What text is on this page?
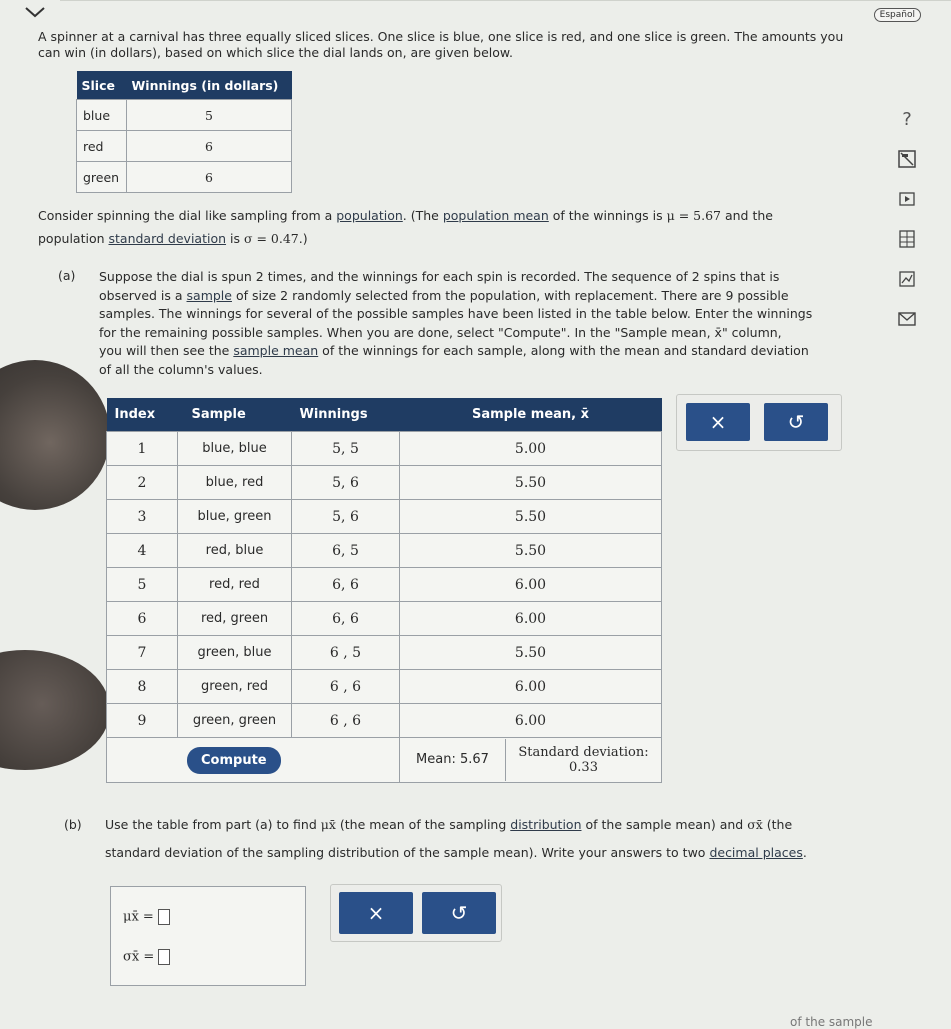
Español
A spinner at a carnival has three equally sliced slices. One slice is blue, one slice is red, and one slice is green. The amounts you can win (in dollars), based on which slice the dial lands on, are given below.
Slice	Winnings (in dollars)
blue	5
red	6
green	6
?
Consider spinning the dial like sampling from a population. (The population mean of the winnings is μ = 5.67 and the
population standard deviation is σ = 0.47.)
(a) Suppose the dial is spun 2 times, and the winnings for each spin is recorded. The sequence of 2 spins that is
observed is a sample of size 2 randomly selected from the population, with replacement. There are 9 possible
samples. The winnings for several of the possible samples have been listed in the table below. Enter the winnings
for the remaining possible samples. When you are done, select "Compute". In the "Sample mean, x̄" column,
you will then see the sample mean of the winnings for each sample, along with the mean and standard deviation
of all the column's values.
Index	Sample	Winnings	Sample mean, x̄
1	blue, blue	5, 5	5.00
2	blue, red	5, 6	5.50
3	blue, green	5, 6	5.50
4	red, blue	6, 5	5.50
5	red, red	6, 6	6.00
6	red, green	6, 6	6.00
7	green, blue	6 , 5	5.50
8	green, red	6 , 6	6.00
9	green, green	6 , 6	6.00
Compute			Mean: 5.67 Standard deviation: 0.33
×	↺
(b) Use the table from part (a) to find μx̄ (the mean of the sampling distribution of the sample mean) and σx̄ (the
standard deviation of the sampling distribution of the sample mean). Write your answers to two decimal places.
μx̄ =
σx̄ =
×	↺
of the sample
